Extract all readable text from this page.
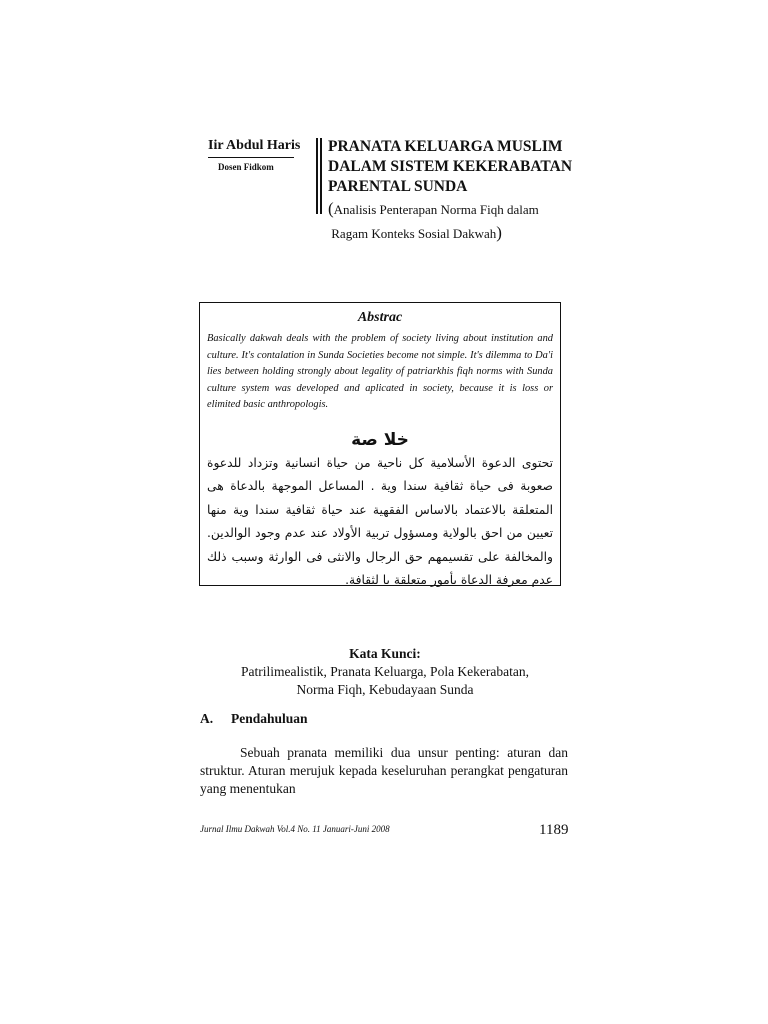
Iir Abdul Haris
Dosen Fidkom
PRANATA KELUARGA MUSLIM
DALAM SISTEM KEKERABATAN
PARENTAL SUNDA
(Analisis Penterapan Norma Fiqh dalam
Ragam Konteks Sosial Dakwah)
Abstrac
Basically dakwah deals with the problem of society living about institution and culture. It's contalation in Sunda Societies become not simple. It's dilemma to Da'i lies between holding strongly about legality of patriarkhis fiqh norms with Sunda culture system was developed and aplicated in society, because it is loss or elimited basic anthropologis.
خلا صة
تحتوى الدعوة الأسلامية كل ناحية من حياة انسانية وتزداد للدعوة صعوبة فى حياة ثقافية سندا وية . المساعل الموجهة بالدعاة هى المتعلقة بالاعتماد بالاساس الفقهية عند حياة ثقافية سندا وية منها تعيين من احق بالولاية ومسؤول تربية الأولاد عند عدم وجود الوالدين. والمخالفة على تقسيمهم حق الرجال والانثى فى الوارثة وسبب ذلك عدم معرفة الدعاة بأمور متعلقة با لثقافة.
Kata Kunci:
Patrilimealistik, Pranata Keluarga, Pola Kekerabatan,
Norma Fiqh, Kebudayaan Sunda
A. Pendahuluan
Sebuah pranata memiliki dua unsur penting: aturan dan struktur. Aturan merujuk kepada keseluruhan perangkat pengaturan yang menentukan
Jurnal Ilmu Dakwah Vol.4 No. 11 Januari-Juni 2008	1189
